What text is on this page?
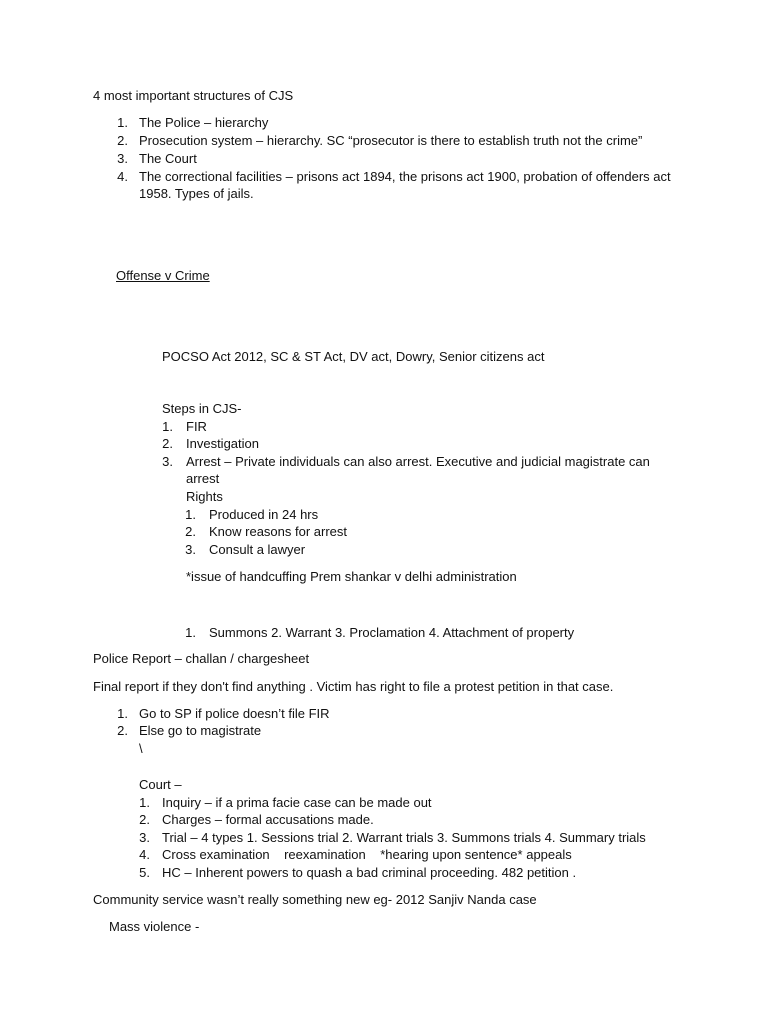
4 most important structures of CJS
1. The Police – hierarchy
2. Prosecution system – hierarchy. SC “prosecutor is there to establish truth not the crime”
3. The Court
4. The correctional facilities – prisons act 1894, the prisons act 1900, probation of offenders act
1958. Types of jails.
Offense v Crime
POCSO Act 2012, SC & ST Act, DV act, Dowry, Senior citizens act
Steps in CJS-
1. FIR
2. Investigation
3. Arrest – Private individuals can also arrest. Executive and judicial magistrate can
arrest
Rights
1. Produced in 24 hrs
2. Know reasons for arrest
3. Consult a lawyer
*issue of handcuffing Prem shankar v delhi administration
1. Summons 2. Warrant 3. Proclamation 4. Attachment of property
Police Report – challan / chargesheet
Final report if they don't find anything . Victim has right to file a protest petition in that case.
1. Go to SP if police doesn’t file FIR
2. Else go to magistrate
\
Court –
1. Inquiry – if a prima facie case can be made out
2. Charges – formal accusations made.
3. Trial – 4 types 1. Sessions trial 2. Warrant trials 3. Summons trials 4. Summary trials
4. Cross examination    reexamination    *hearing upon sentence* appeals
5. HC – Inherent powers to quash a bad criminal proceeding. 482 petition .
Community service wasn’t really something new eg- 2012 Sanjiv Nanda case
Mass violence -
